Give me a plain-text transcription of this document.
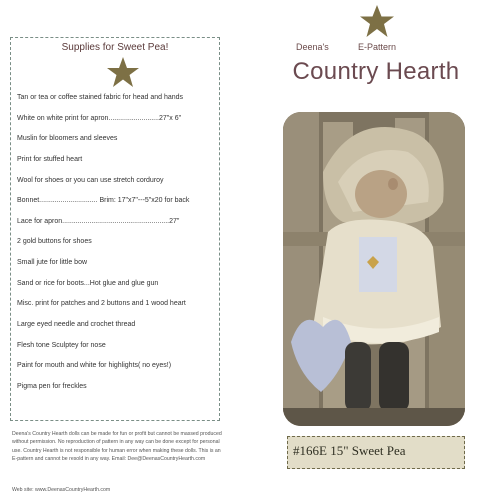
Supplies for Sweet Pea!
Tan or tea or coffee stained fabric for head and hands
White on white print for apron..........................27"x 6"
Muslin for bloomers and sleeves
Print for stuffed heart
Wool for shoes or you can use stretch corduroy
Bonnet.............................. Brim: 17"x7"---5"x20 for back
Lace for apron.......................................................27"
2 gold buttons for shoes
Small jute for little bow
Sand or rice for boots...Hot glue and glue gun
Misc. print for patches and 2 buttons and 1 wood heart
Large eyed needle and crochet thread
Flesh tone Sculptey for nose
Paint for mouth and white for highlights( no eyes!)
Pigma pen for freckles

Deena's Country Hearth dolls can be made for fun or profit but cannot be massed produced without permission. No reproduction of pattern in any way can be done except for personal use. Country Hearth is not responsible for human error when making these dolls. This is an E-pattern and cannot be resold in any way. Email: Dee@DeenasCountryHearth.com

Web site: www.DeenasCountryHearth.com

Deena's	E-Pattern
Country Hearth
#166E 15" Sweet Pea
